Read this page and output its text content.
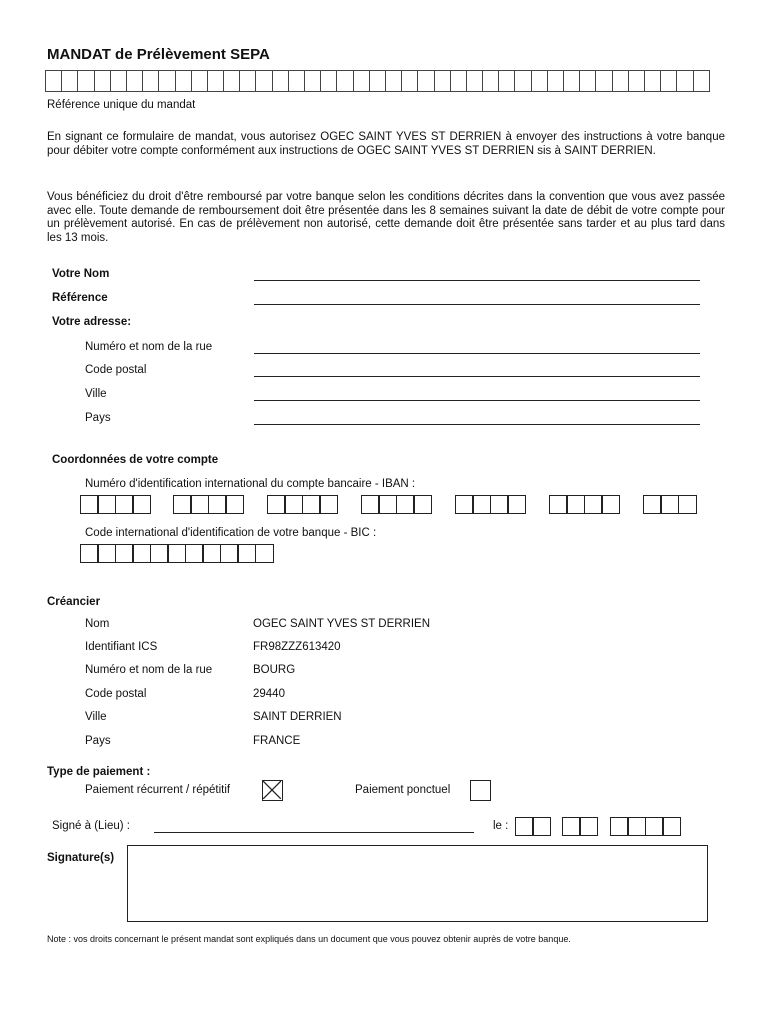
MANDAT de Prélèvement SEPA
Référence unique du mandat
En signant ce formulaire de mandat, vous autorisez OGEC SAINT YVES ST DERRIEN à envoyer des instructions à votre banque pour débiter votre compte conformément aux instructions de OGEC SAINT YVES ST DERRIEN sis à SAINT DERRIEN.
Vous bénéficiez du droit d'être remboursé par votre banque selon les conditions décrites dans la convention que vous avez passée avec elle. Toute demande de remboursement doit être présentée dans les 8 semaines suivant la date de débit de votre compte pour un prélèvement autorisé. En cas de prélèvement non autorisé, cette demande doit être présentée sans tarder et au plus tard dans les 13 mois.
Votre Nom
Référence
Votre adresse:
Numéro et nom de la rue
Code postal
Ville
Pays
Coordonnées de votre compte
Numéro d'identification international du compte bancaire - IBAN :
Code international d'identification de votre banque - BIC :
Créancier
Nom	OGEC SAINT YVES ST DERRIEN
Identifiant ICS	FR98ZZZ613420
Numéro et nom de la rue	BOURG
Code postal	29440
Ville	SAINT DERRIEN
Pays	FRANCE
Type de paiement :
Paiement récurrent / répétitif	Paiement ponctuel
Signé à (Lieu) :	le :
Signature(s)
Note : vos droits concernant le présent mandat sont expliqués dans un document que vous pouvez obtenir auprès de votre banque.
